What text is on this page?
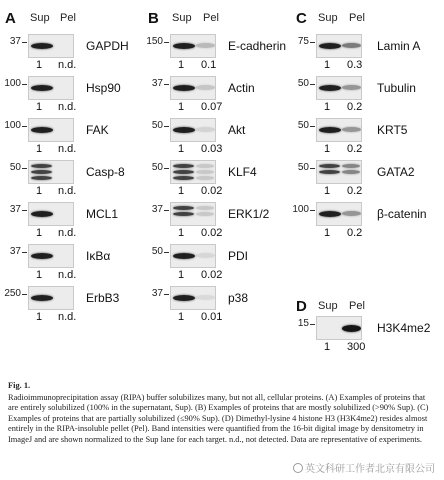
A Sup Pel
37	GAPDH
1 n.d.
100	Hsp90
1 n.d.
100	FAK
1 n.d.
50	Casp-8
1 n.d.
37	MCL1
1 n.d.
37	IκBα
1 n.d.
250	ErbB3
1 n.d.
B Sup Pel
150	E-cadherin
1 0.1
37	Actin
1 0.07
50	Akt
1 0.03
50	KLF4
1 0.02
37	ERK1/2
1 0.02
50	PDI
1 0.02
37	p38
1 0.01
C Sup Pel
75	Lamin A
1 0.3
50	Tubulin
1 0.2
50	KRT5
1 0.2
50	GATA2
1 0.2
100	β-catenin
1 0.2
D Sup Pel
15	H3K4me2
1 300
Fig. 1.
Radioimmunoprecipitation assay (RIPA) buffer solubilizes many, but not all, cellular proteins. (A) Examples of proteins that are entirely solubilized (100% in the supernatant, Sup). (B) Examples of proteins that are mostly solubilized (>90% Sup). (C) Examples of proteins that are partially solubilized (≤90% Sup). (D) Dimethyl-lysine 4 histone H3 (H3K4me2) resides almost entirely in the RIPA-insoluble pellet (Pel). Band intensities were quantified from the 16-bit digital image by densitometry in ImageJ and are shown normalized to the Sup lane for each target. n.d., not detected. Data are representative of experiments.
英文科研工作者北京有限公司
